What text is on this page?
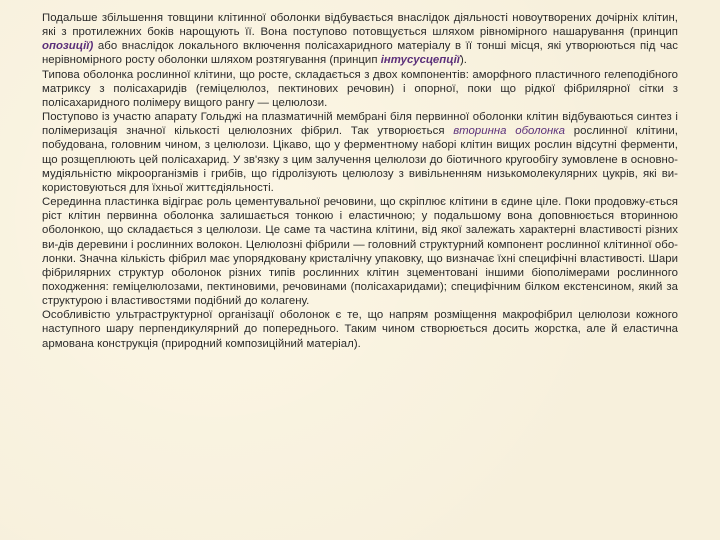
Подальше збільшення товщини клітинної оболонки відбувається внаслідок діяльності новоутворених дочірніх клітин, які з протилежних боків нарощують її. Вона поступово потовщується шляхом рівномірного нашарування (принцип опозиції) або внаслідок локального включення полісахаридного матеріалу в її тонші місця, які утворюються під час нерівномірного росту оболонки шляхом розтягування (принцип інтусусцепції).

Типова оболонка рослинної клітини, що росте, складається з двох компонентів: аморфного пластичного гелеподібного матриксу з полісахаридів (геміцелюлоз, пектинових речовин) і опорної, поки що рідкої фібрилярної сітки з полісахаридного полімеру вищого рангу — целюлози.

Поступово із участю апарату Гольджі на плазматичній мембрані біля первинної оболонки клітин відбуваються синтез і полімеризація значної кількості целюлозних фібрил. Так утворюється вторинна оболонка рослинної клітини, побудована, головним чином, з целюлози. Цікаво, що у ферментному наборі клітин вищих рослин відсутні ферменти, що розщеплюють цей полісахарид. У зв'язку з цим залучення целюлози до біотичного кругообігу зумовлене в основно-мудіяльністю мікроорганізмів і грибів, що гідролізують целюлозу з вивільненням низькомолекулярних цукрів, які ви-користовуються для їхньої життєдіяльності.

Серединна пластинка відіграє роль цементувальної речовини, що скріплює клітини в єдине ціле. Поки продовжу-ється ріст клітин первинна оболонка залишається тонкою і еластичною; у подальшому вона доповнюється вторинною оболонкою, що складається з целюлози. Це саме та частина клітини, від якої залежать характерні властивості різних ви-дів деревини і рослинних волокон. Целюлозні фібрили — головний структурний компонент рослинної клітинної обо-лонки. Значна кількість фібрил має упорядковану кристалічну упаковку, що визначає їхні специфічні властивості. Шари фібрилярних структур оболонок різних типів рослинних клітин зцементовані іншими біополімерами рослинного походження: геміцелюлозами, пектиновими, речовинами (полісахаридами); специфічним білком екстенсином, який за структурою і властивостями подібний до колагену.

Особливістю ультраструктурної організації оболонок є те, що напрям розміщення макрофібрил целюлози кожного наступного шару перпендикулярний до попереднього. Таким чином створюється досить жорстка, але й еластична армована конструкція (природний композиційний матеріал).
